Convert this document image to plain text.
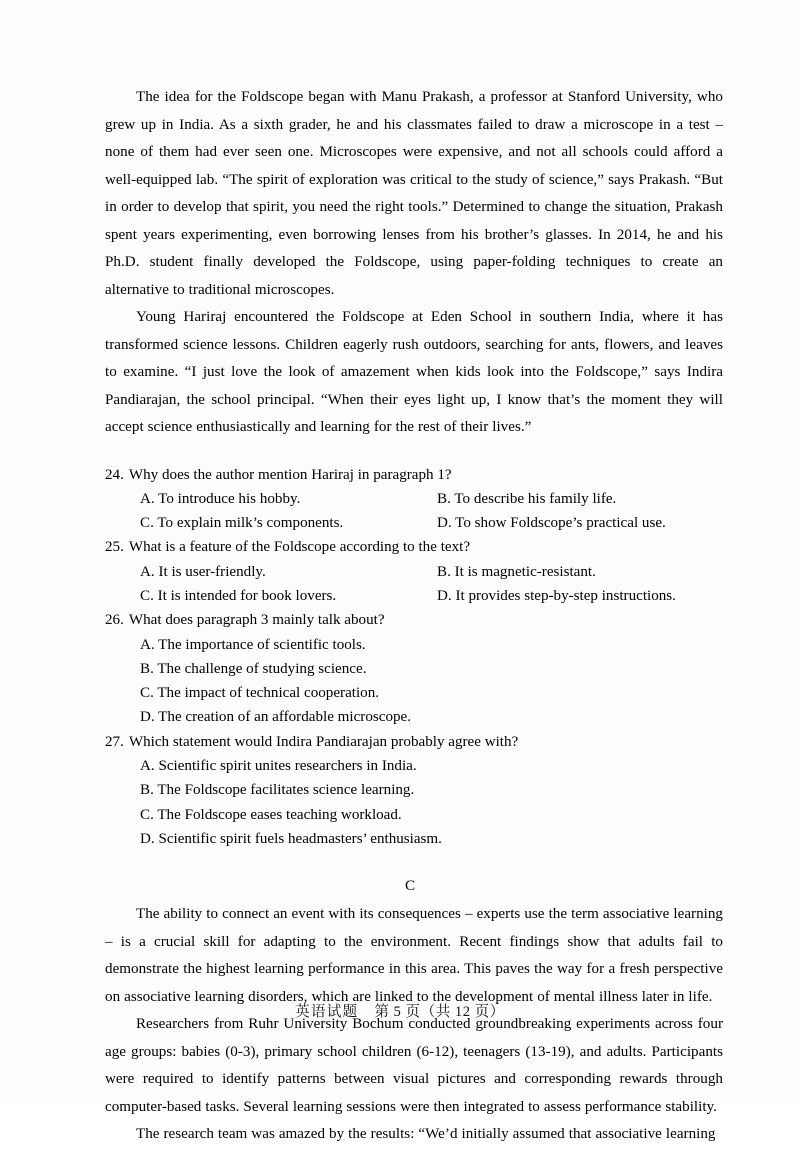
The idea for the Foldscope began with Manu Prakash, a professor at Stanford University, who grew up in India. As a sixth grader, he and his classmates failed to draw a microscope in a test – none of them had ever seen one. Microscopes were expensive, and not all schools could afford a well-equipped lab. “The spirit of exploration was critical to the study of science,” says Prakash. “But in order to develop that spirit, you need the right tools.” Determined to change the situation, Prakash spent years experimenting, even borrowing lenses from his brother’s glasses. In 2014, he and his Ph.D. student finally developed the Foldscope, using paper-folding techniques to create an alternative to traditional microscopes.

Young Hariraj encountered the Foldscope at Eden School in southern India, where it has transformed science lessons. Children eagerly rush outdoors, searching for ants, flowers, and leaves to examine. “I just love the look of amazement when kids look into the Foldscope,” says Indira Pandiarajan, the school principal. “When their eyes light up, I know that’s the moment they will accept science enthusiastically and learning for the rest of their lives.”

24. Why does the author mention Hariraj in paragraph 1?
A. To introduce his hobby.	B. To describe his family life.
C. To explain milk’s components.	D. To show Foldscope’s practical use.
25. What is a feature of the Foldscope according to the text?
A. It is user-friendly.	B. It is magnetic-resistant.
C. It is intended for book lovers.	D. It provides step-by-step instructions.
26. What does paragraph 3 mainly talk about?
A. The importance of scientific tools.
B. The challenge of studying science.
C. The impact of technical cooperation.
D. The creation of an affordable microscope.
27. Which statement would Indira Pandiarajan probably agree with?
A. Scientific spirit unites researchers in India.
B. The Foldscope facilitates science learning.
C. The Foldscope eases teaching workload.
D. Scientific spirit fuels headmasters’ enthusiasm.
C

The ability to connect an event with its consequences – experts use the term associative learning – is a crucial skill for adapting to the environment. Recent findings show that adults fail to demonstrate the highest learning performance in this area. This paves the way for a fresh perspective on associative learning disorders, which are linked to the development of mental illness later in life.

Researchers from Ruhr University Bochum conducted groundbreaking experiments across four age groups: babies (0-3), primary school children (6-12), teenagers (13-19), and adults. Participants were required to identify patterns between visual pictures and corresponding rewards through computer-based tasks. Several learning sessions were then integrated to assess performance stability.

The research team was amazed by the results: “We’d initially assumed that associative learning

英语试题 第 5 页（共 12 页）
